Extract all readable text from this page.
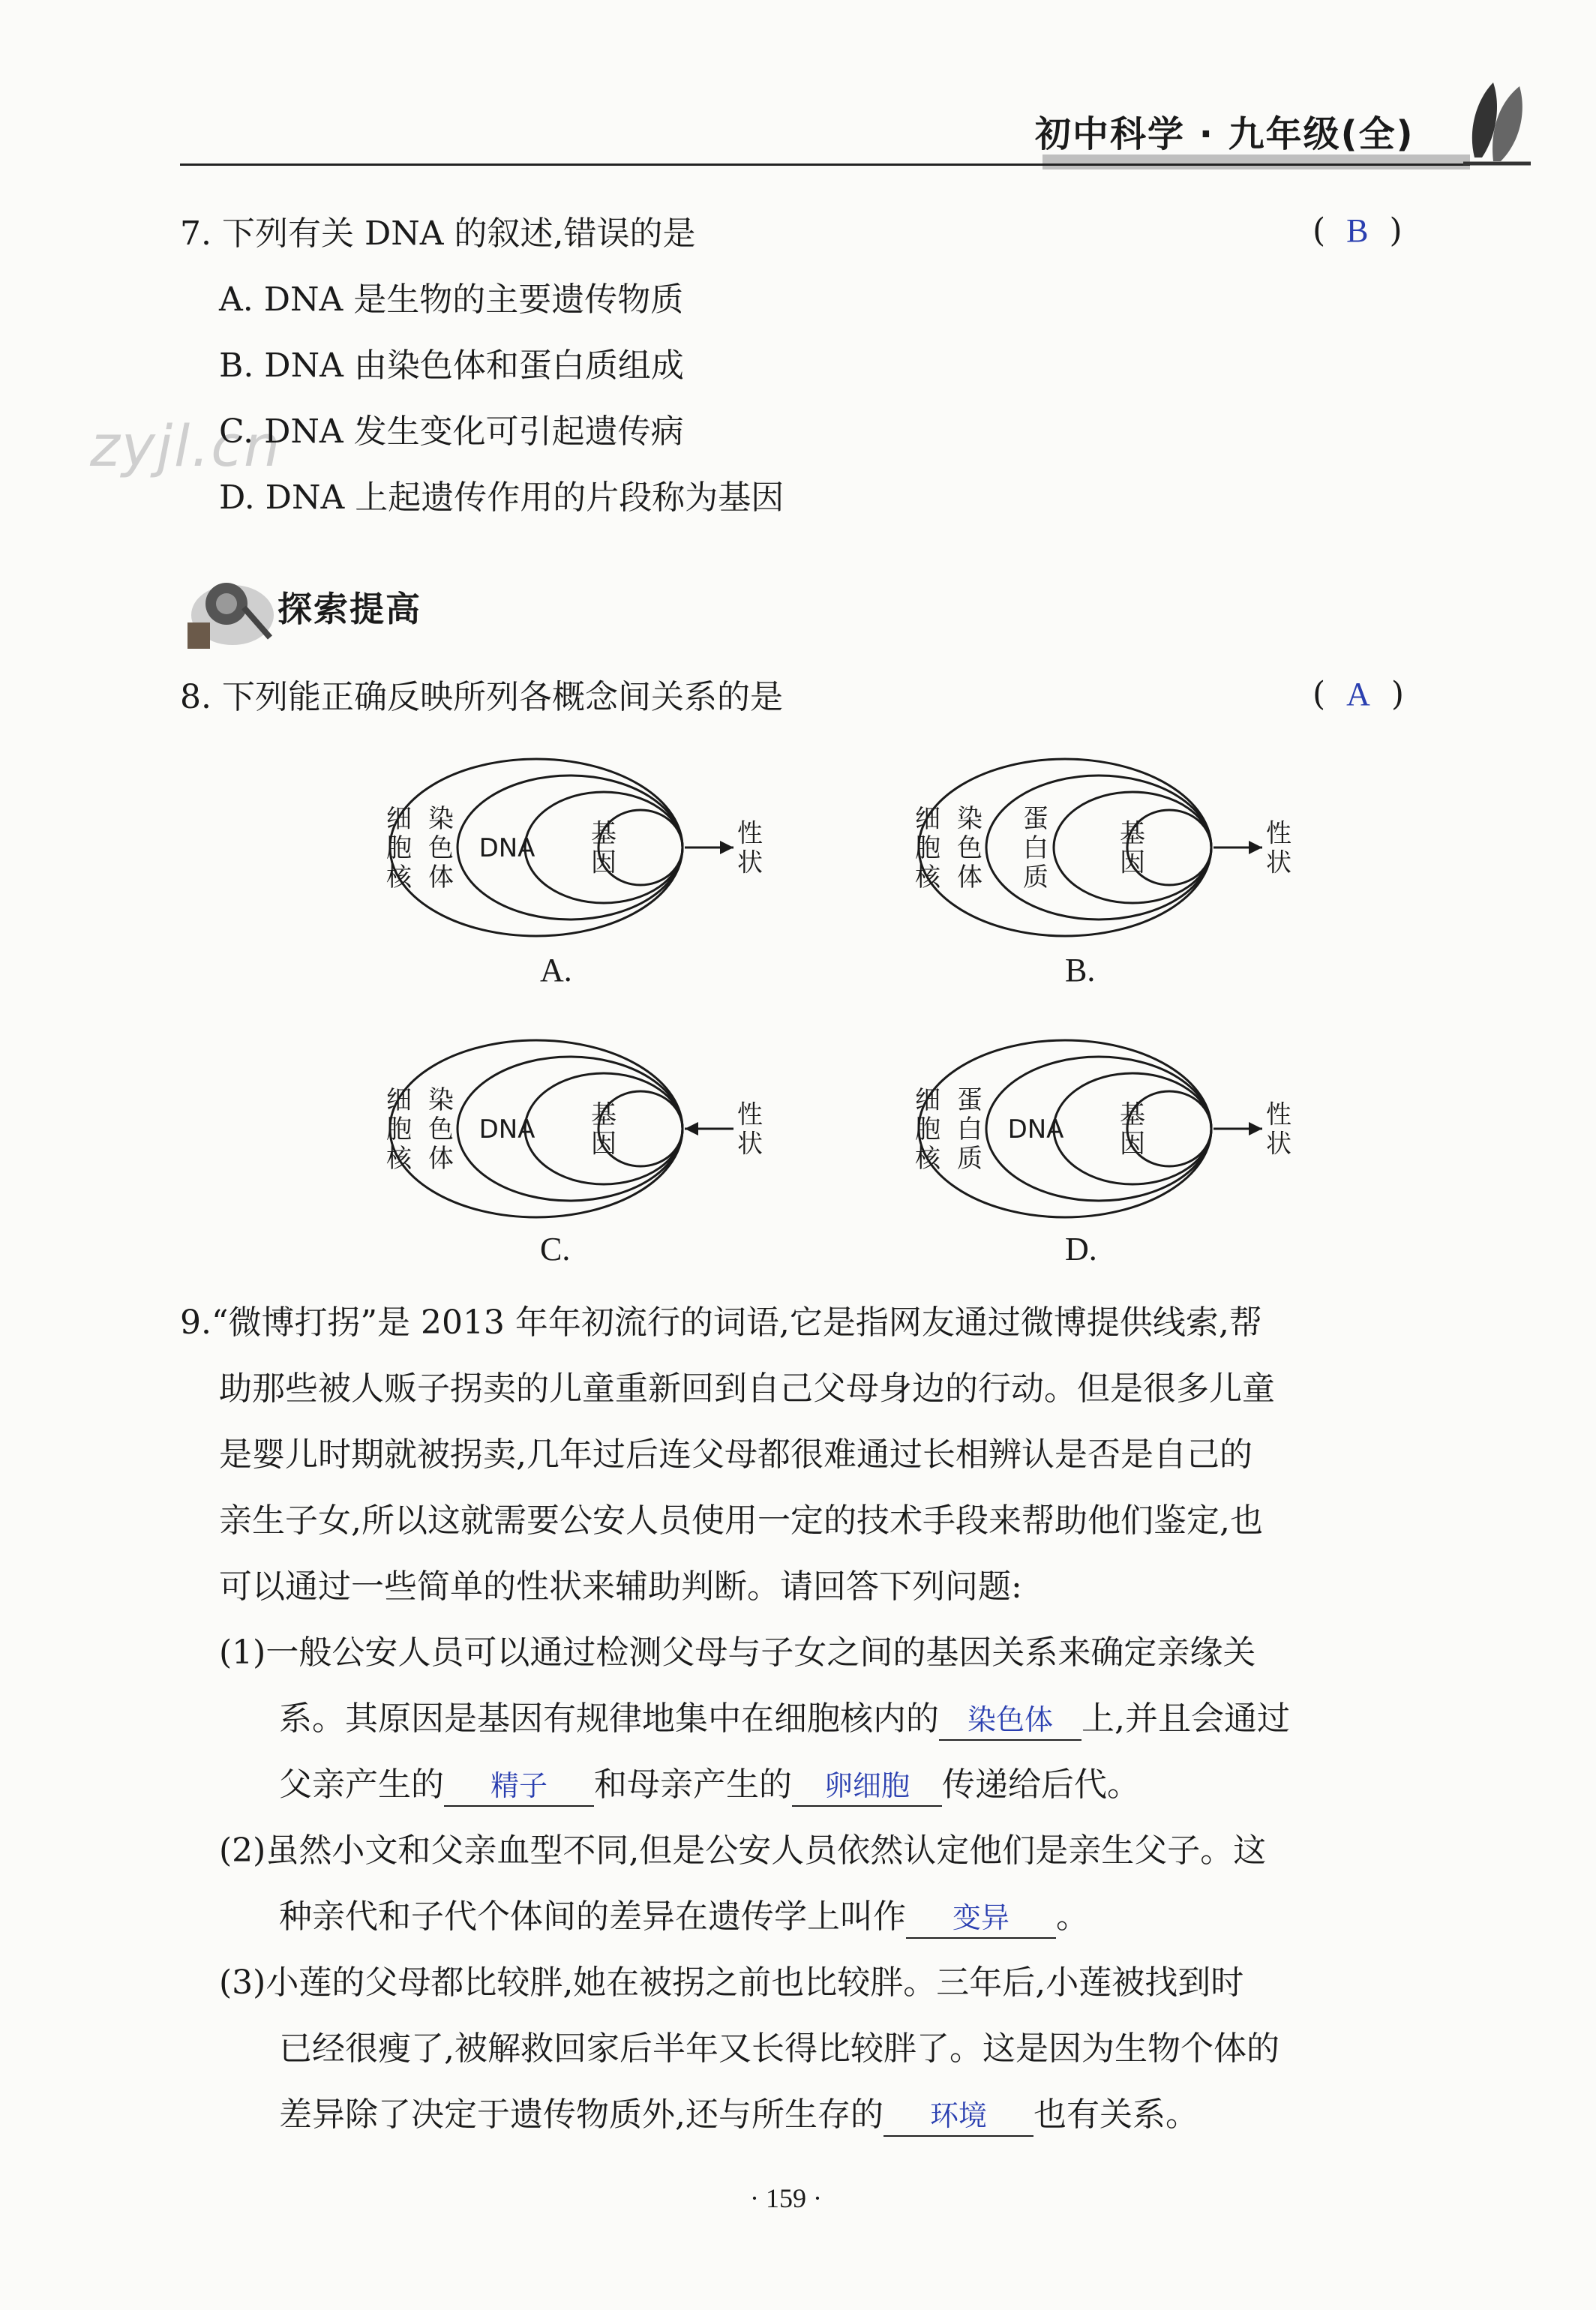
初中科学 · 九年级(全)
zyjl.cn
7. 下列有关 DNA 的叙述,错误的是	(  B  )
A. DNA 是生物的主要遗传物质
B. DNA 由染色体和蛋白质组成
C. DNA 发生变化可引起遗传病
D. DNA 上起遗传作用的片段称为基因
探索提高
8. 下列能正确反映所列各概念间关系的是	(  A  )
细
胞
核
染
色
体
DNA 基
因
性
状
A.
细
胞
核
染
色
体
蛋
白
质
基
因
性
状
B.
细
胞
核
染
色
体
DNA 基
因
性
状
C.
细
胞
核
蛋
白
质
DNA 基
因
性
状
D.
9.“微博打拐”是 2013 年年初流行的词语,它是指网友通过微博提供线索,帮
助那些被人贩子拐卖的儿童重新回到自己父母身边的行动。但是很多儿童
是婴儿时期就被拐卖,几年过后连父母都很难通过长相辨认是否是自己的
亲生子女,所以这就需要公安人员使用一定的技术手段来帮助他们鉴定,也
可以通过一些简单的性状来辅助判断。请回答下列问题:
(1)一般公安人员可以通过检测父母与子女之间的基因关系来确定亲缘关
系。其原因是基因有规律地集中在细胞核内的 染色体 上,并且会通过
父亲产生的 精子 和母亲产生的 卵细胞 传递给后代。
(2)虽然小文和父亲血型不同,但是公安人员依然认定他们是亲生父子。这
种亲代和子代个体间的差异在遗传学上叫作 变异 。
(3)小莲的父母都比较胖,她在被拐之前也比较胖。三年后,小莲被找到时
已经很瘦了,被解救回家后半年又长得比较胖了。这是因为生物个体的
差异除了决定于遗传物质外,还与所生存的 环境 也有关系。
· 159 ·
